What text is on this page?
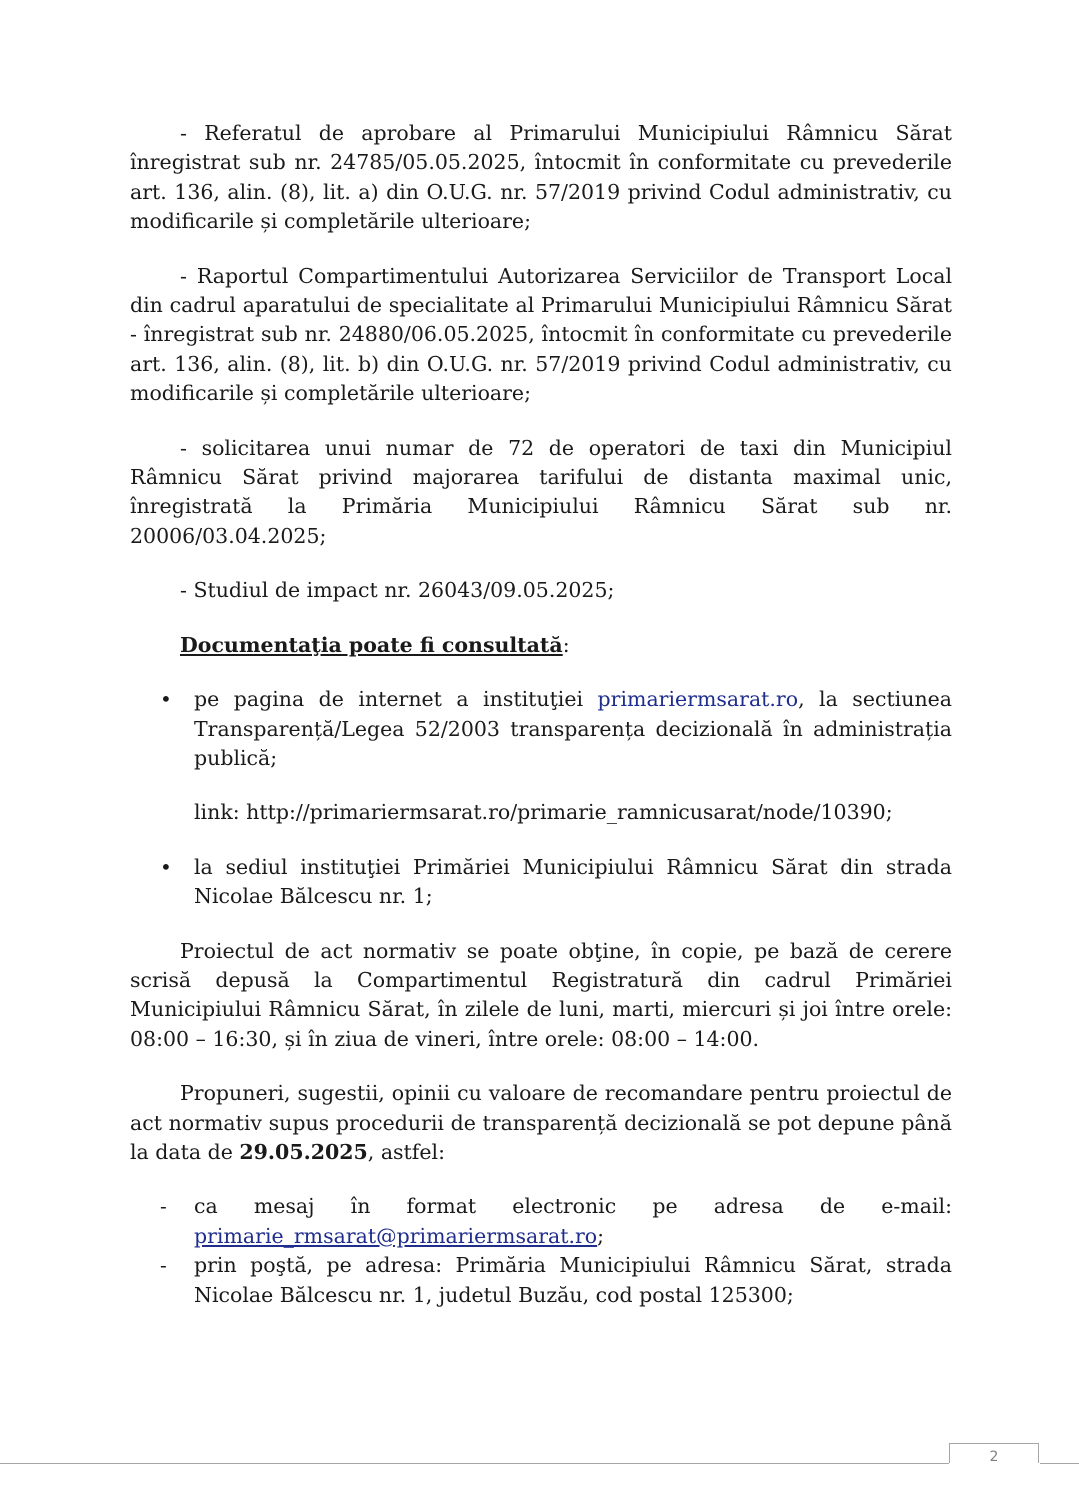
- Referatul de aprobare al Primarului Municipiului Râmnicu Sărat înregistrat sub nr. 24785/05.05.2025, întocmit în conformitate cu prevederile art. 136, alin. (8), lit. a) din O.U.G. nr. 57/2019 privind Codul administrativ, cu modificarile și completările ulterioare;

- Raportul Compartimentului Autorizarea Serviciilor de Transport Local din cadrul aparatului de specialitate al Primarului Municipiului Râmnicu Sărat - înregistrat sub nr. 24880/06.05.2025, întocmit în conformitate cu prevederile art. 136, alin. (8), lit. b) din O.U.G. nr. 57/2019 privind Codul administrativ, cu modificarile și completările ulterioare;

- solicitarea unui numar de 72 de operatori de taxi din Municipiul Râmnicu Sărat privind majorarea tarifului de distanta maximal unic, înregistrată la Primăria Municipiului Râmnicu Sărat sub nr. 20006/03.04.2025;

- Studiul de impact nr. 26043/09.05.2025;

Documentaţia poate fi consultată:

• pe pagina de internet a instituţiei primariermsarat.ro, la sectiunea Transparență/Legea 52/2003 transparența decizională în administrația publică;

link: http://primariermsarat.ro/primarie_ramnicusarat/node/10390;

• la sediul instituţiei Primăriei Municipiului Râmnicu Sărat din strada Nicolae Bălcescu nr. 1;

Proiectul de act normativ se poate obţine, în copie, pe bază de cerere scrisă depusă la Compartimentul Registratură din cadrul Primăriei Municipiului Râmnicu Sărat, în zilele de luni, marti, miercuri și joi între orele: 08:00 – 16:30, și în ziua de vineri, între orele: 08:00 – 14:00.

Propuneri, sugestii, opinii cu valoare de recomandare pentru proiectul de act normativ supus procedurii de transparență decizională se pot depune până la data de 29.05.2025, astfel:

- ca mesaj în format electronic pe adresa de e-mail: primarie_rmsarat@primariermsarat.ro;

- prin poştă, pe adresa: Primăria Municipiului Râmnicu Sărat, strada Nicolae Bălcescu nr. 1, judetul Buzău, cod postal 125300;

2
